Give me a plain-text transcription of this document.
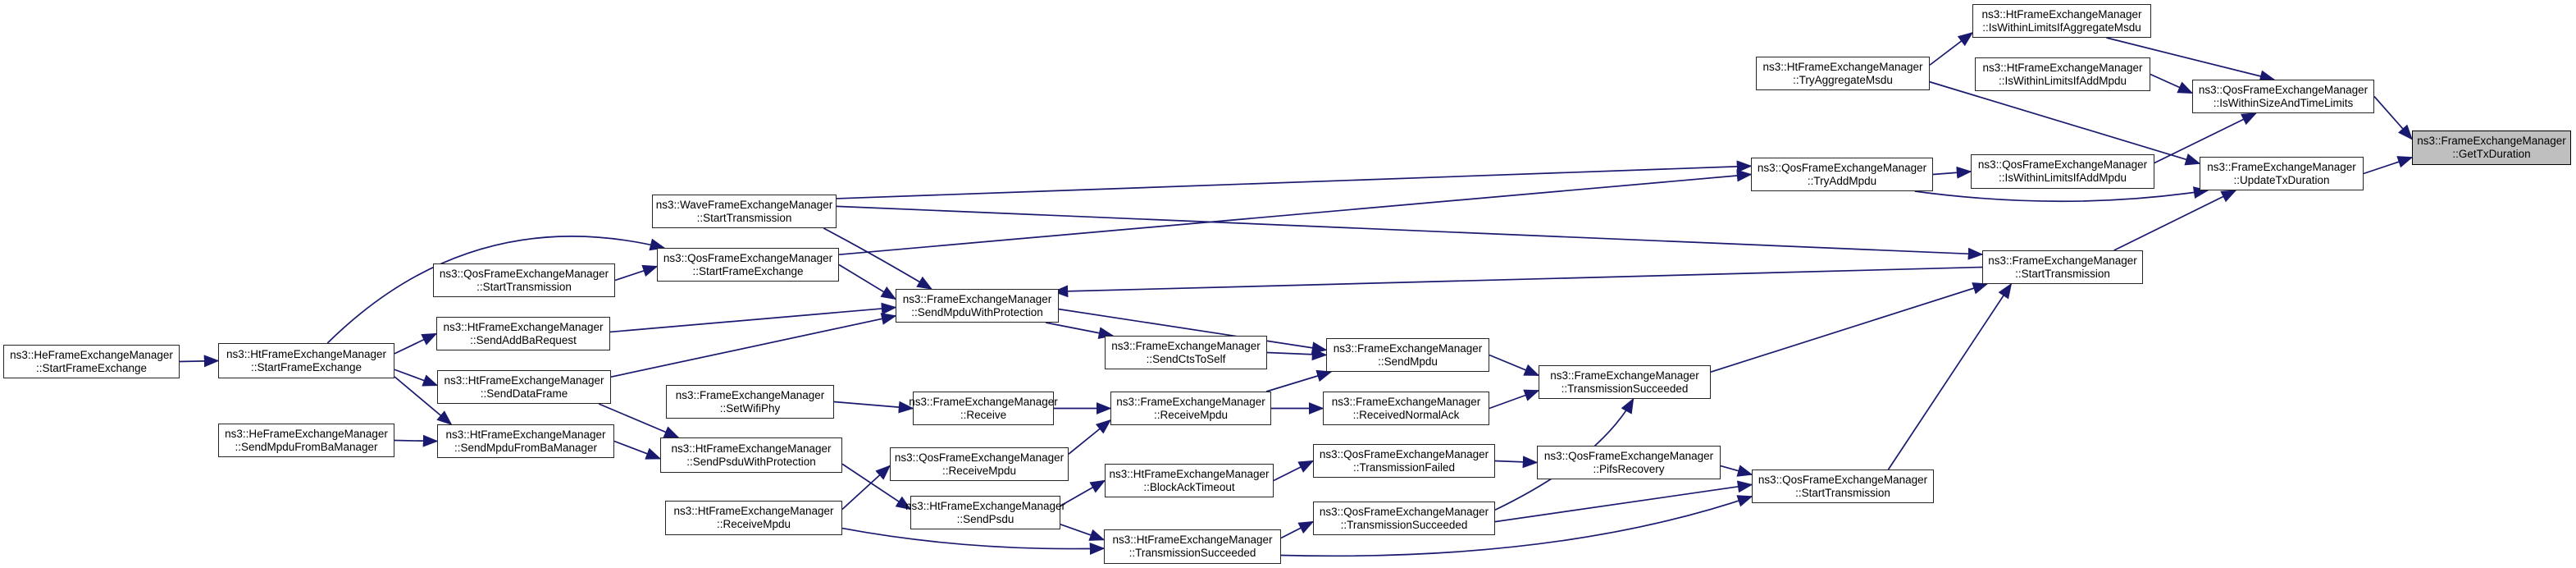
ns3::HeFrameExchangeManager
::StartFrameExchange
ns3::HtFrameExchangeManager
::StartFrameExchange
ns3::HeFrameExchangeManager
::SendMpduFromBaManager
ns3::QosFrameExchangeManager
::StartTransmission
ns3::HtFrameExchangeManager
::SendAddBaRequest
ns3::HtFrameExchangeManager
::SendDataFrame
ns3::HtFrameExchangeManager
::SendMpduFromBaManager
ns3::WaveFrameExchangeManager
::StartTransmission
ns3::QosFrameExchangeManager
::StartFrameExchange
ns3::FrameExchangeManager
::SetWifiPhy
ns3::HtFrameExchangeManager
::SendPsduWithProtection
ns3::HtFrameExchangeManager
::ReceiveMpdu
ns3::FrameExchangeManager
::SendMpduWithProtection
ns3::FrameExchangeManager
::Receive
ns3::QosFrameExchangeManager
::ReceiveMpdu
ns3::HtFrameExchangeManager
::SendPsdu
ns3::FrameExchangeManager
::SendCtsToSelf
ns3::FrameExchangeManager
::ReceiveMpdu
ns3::HtFrameExchangeManager
::BlockAckTimeout
ns3::HtFrameExchangeManager
::TransmissionSucceeded
ns3::FrameExchangeManager
::SendMpdu
ns3::FrameExchangeManager
::ReceivedNormalAck
ns3::QosFrameExchangeManager
::TransmissionFailed
ns3::QosFrameExchangeManager
::TransmissionSucceeded
ns3::FrameExchangeManager
::TransmissionSucceeded
ns3::QosFrameExchangeManager
::PifsRecovery
ns3::HtFrameExchangeManager
::TryAggregateMsdu
ns3::QosFrameExchangeManager
::TryAddMpdu
ns3::QosFrameExchangeManager
::StartTransmission
ns3::HtFrameExchangeManager
::IsWithinLimitsIfAggregateMsdu
ns3::HtFrameExchangeManager
::IsWithinLimitsIfAddMpdu
ns3::QosFrameExchangeManager
::IsWithinLimitsIfAddMpdu
ns3::FrameExchangeManager
::StartTransmission
ns3::QosFrameExchangeManager
::IsWithinSizeAndTimeLimits
ns3::FrameExchangeManager
::UpdateTxDuration
ns3::FrameExchangeManager
::GetTxDuration
